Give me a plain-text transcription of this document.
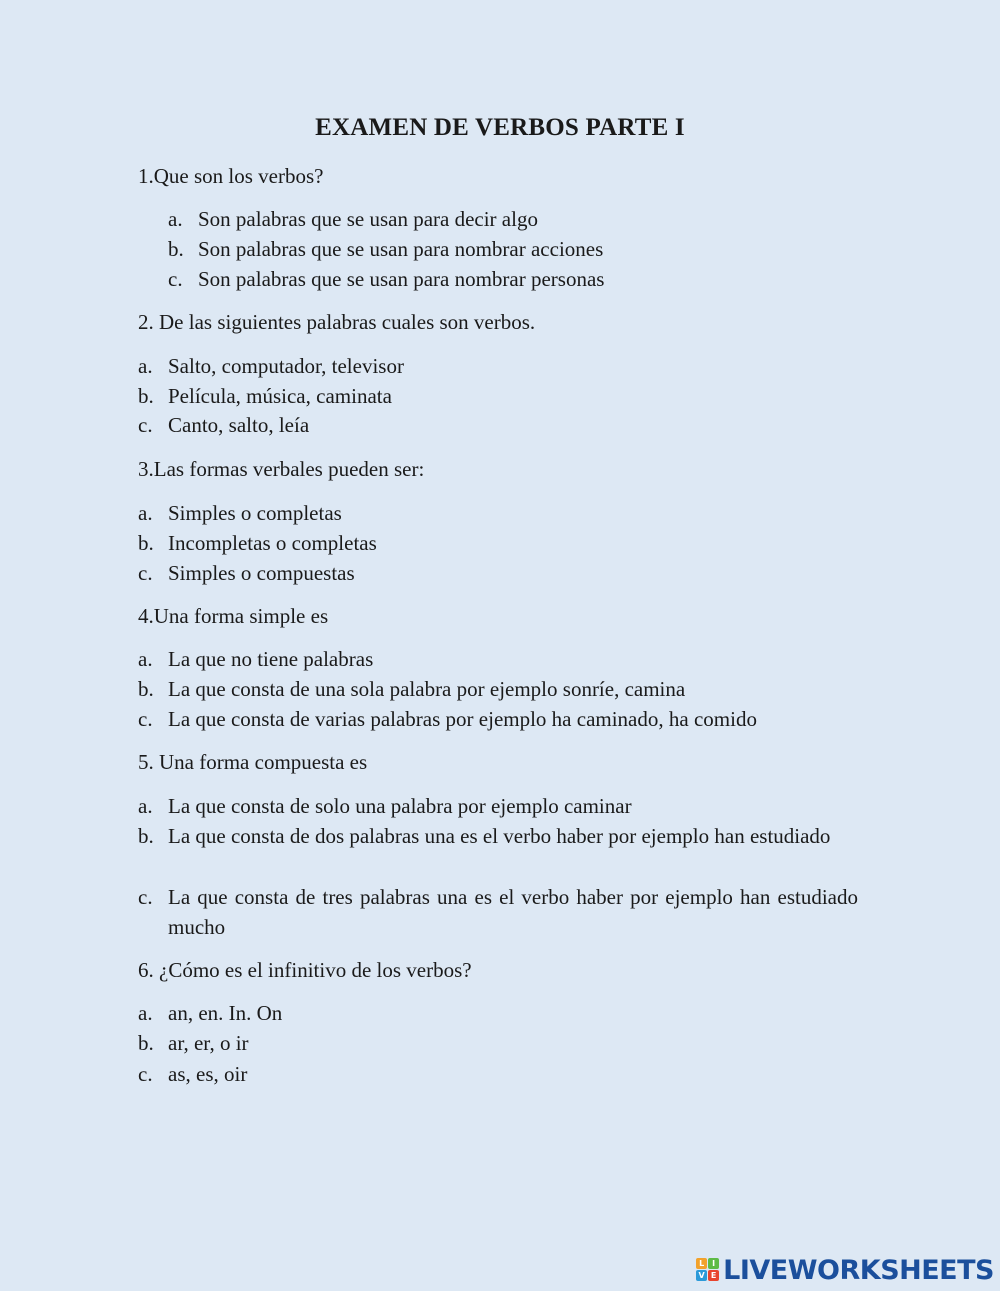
EXAMEN DE VERBOS PARTE I
1.Que son los verbos?
a. Son palabras que se usan para decir algo
b. Son palabras que se usan para nombrar acciones
c. Son palabras que se usan para nombrar personas
2. De las siguientes palabras cuales son verbos.
a. Salto, computador, televisor
b. Película, música, caminata
c. Canto, salto, leía
3.Las formas verbales pueden ser:
a. Simples o completas
b. Incompletas o completas
c. Simples o compuestas
4.Una forma simple es
a. La que no tiene palabras
b. La que consta de una sola palabra por ejemplo sonríe, camina
c. La que consta de varias palabras por ejemplo ha caminado, ha comido
5. Una forma compuesta es
a. La que consta de solo una palabra por ejemplo caminar
b. La que consta de dos palabras una es el verbo haber por ejemplo han estudiado
c. La que consta de tres palabras una es el verbo haber por ejemplo han estudiado mucho
6. ¿Cómo es el infinitivo de los verbos?
a. an, en. In. On
b. ar, er, o ir
c. as, es, oir
L I
V E LIVEWORKSHEETS
